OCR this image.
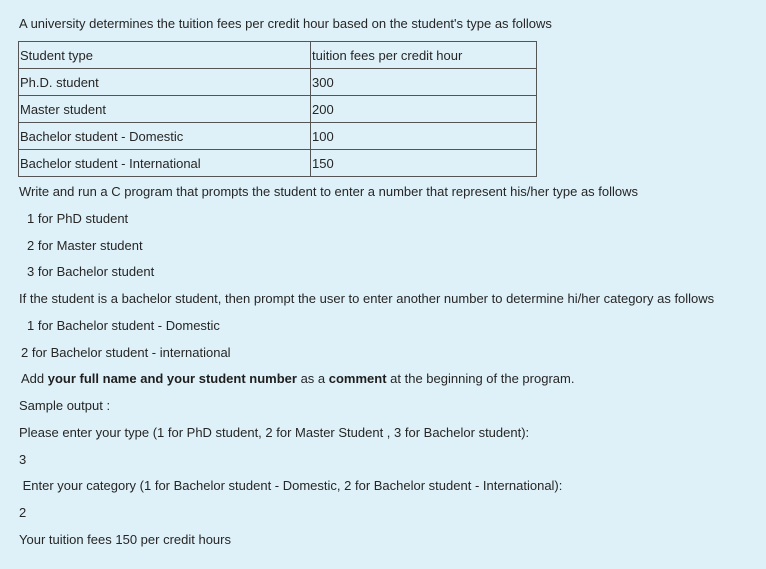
A university determines the tuition fees per credit hour based on the student's type as follows
Student type	tuition fees per credit hour
Ph.D. student	300
Master student	200
Bachelor student - Domestic	100
Bachelor student - International	150
Write and run a C program that prompts the student to enter a number that represent his/her type as follows
1 for PhD student
2 for Master student
3 for Bachelor student
If the student is a bachelor student, then prompt the user to enter another number to determine hi/her category as follows
1 for Bachelor student - Domestic
2 for Bachelor student - international
Add your full name and your student number as a comment at the beginning of the program.
Sample output :
Please enter your type (1 for PhD student, 2 for Master Student , 3 for Bachelor student):
3
Enter your category (1 for Bachelor student - Domestic, 2 for Bachelor student - International):
2
Your tuition fees 150 per credit hours
